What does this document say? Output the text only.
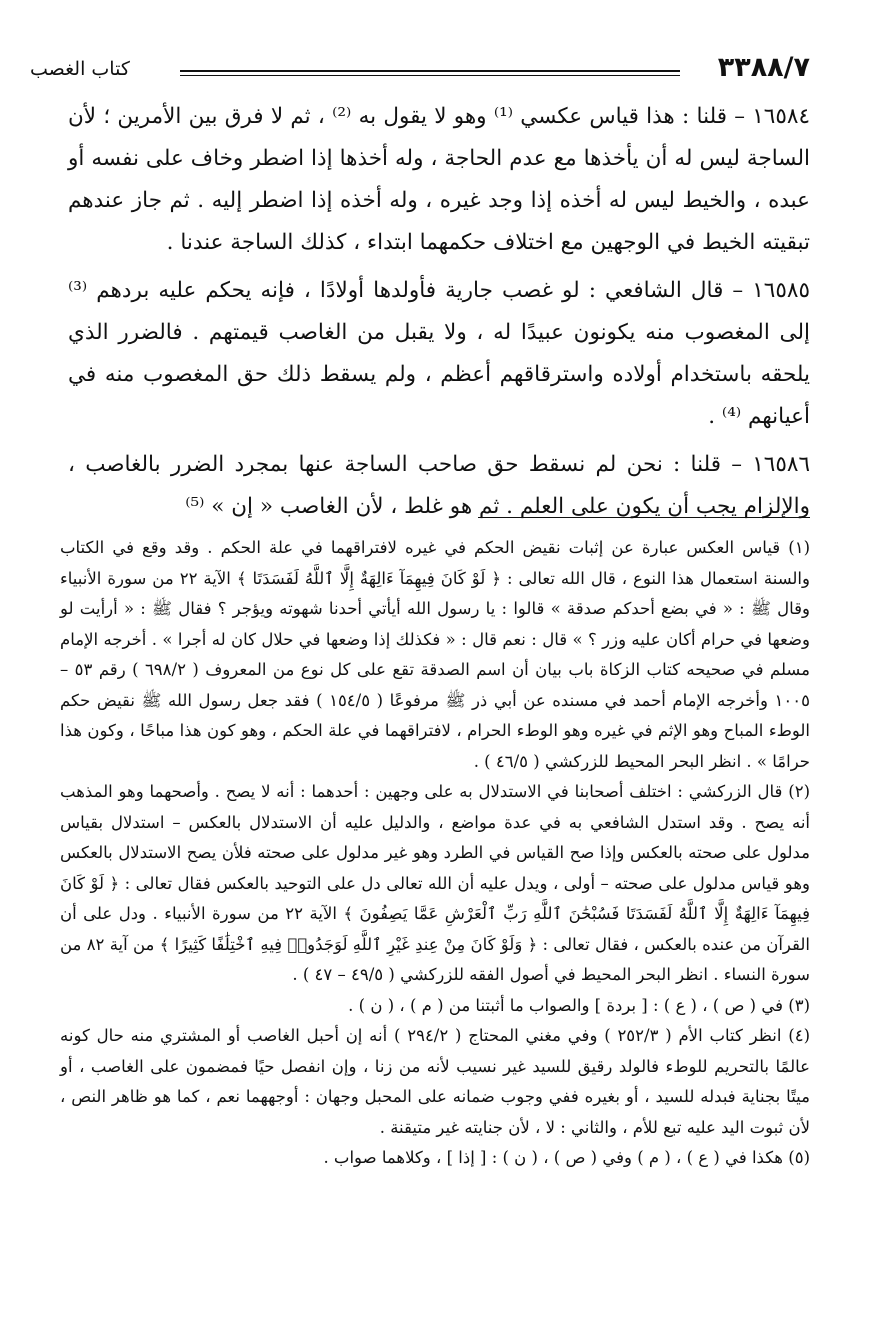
٣٣٨٨/٧
كتاب الغصب

١٦٥٨٤ – قلنا : هذا قياس عكسي ⁽¹⁾ وهو لا يقول به ⁽²⁾ ، ثم لا فرق بين الأمرين ؛ لأن الساجة ليس له أن يأخذها مع عدم الحاجة ، وله أخذها إذا اضطر وخاف على نفسه أو عبده ، والخيط ليس له أخذه إذا وجد غيره ، وله أخذه إذا اضطر إليه . ثم جاز عندهم تبقيته الخيط في الوجهين مع اختلاف حكمهما ابتداء ، كذلك الساجة عندنا .

١٦٥٨٥ – قال الشافعي : لو غصب جارية فأولدها أولادًا ، فإنه يحكم عليه بردهم ⁽³⁾ إلى المغصوب منه يكونون عبيدًا له ، ولا يقبل من الغاصب قيمتهم . فالضرر الذي يلحقه باستخدام أولاده واسترقاقهم أعظم ، ولم يسقط ذلك حق المغصوب منه في أعيانهم ⁽⁴⁾ .

١٦٥٨٦ – قلنا : نحن لم نسقط حق صاحب الساجة عنها بمجرد الضرر بالغاصب ، والإلزام يجب أن يكون على العلم . ثم هو غلط ، لأن الغاصب « إن » ⁽⁵⁾

(١) قياس العكس عبارة عن إثبات نقيض الحكم في غيره لافتراقهما في علة الحكم . وقد وقع في الكتاب والسنة استعمال هذا النوع ، قال الله تعالى : ﴿ لَوْ كَانَ فِيهِمَآ ءَالِهَةٌ إِلَّا ٱللَّهُ لَفَسَدَتَا ﴾ الآية ٢٢ من سورة الأنبياء وقال ﷺ : « في بضع أحدكم صدقة » قالوا : يا رسول الله أيأتي أحدنا شهوته ويؤجر ؟ فقال ﷺ : « أرأيت لو وضعها في حرام أكان عليه وزر ؟ » قال : نعم قال : « فكذلك إذا وضعها في حلال كان له أجرا » . أخرجه الإمام مسلم في صحيحه كتاب الزكاة باب بيان أن اسم الصدقة تقع على كل نوع من المعروف ( ٦٩٨/٢ ) رقم ٥٣ – ١٠٠٥ وأخرجه الإمام أحمد في مسنده عن أبي ذر ﷺ مرفوعًا ( ١٥٤/٥ ) فقد جعل رسول الله ﷺ نقيض حكم الوطء المباح وهو الإثم في غيره وهو الوطء الحرام ، لافتراقهما في علة الحكم ، وهو كون هذا مباحًا ، وكون هذا حرامًا » . انظر البحر المحيط للزركشي ( ٤٦/٥ ) .

(٢) قال الزركشي : اختلف أصحابنا في الاستدلال به على وجهين : أحدهما : أنه لا يصح . وأصحهما وهو المذهب أنه يصح . وقد استدل الشافعي به في عدة مواضع ، والدليل عليه أن الاستدلال بالعكس – استدلال بقياس مدلول على صحته بالعكس وإذا صح القياس في الطرد وهو غير مدلول على صحته فلأن يصح الاستدلال بالعكس وهو قياس مدلول على صحته – أولى ، ويدل عليه أن الله تعالى دل على التوحيد بالعكس فقال تعالى : ﴿ لَوْ كَانَ فِيهِمَآ ءَالِهَةٌ إِلَّا ٱللَّهُ لَفَسَدَتَا فَسُبْحَٰنَ ٱللَّهِ رَبِّ ٱلْعَرْشِ عَمَّا يَصِفُونَ ﴾ الآية ٢٢ من سورة الأنبياء . ودل على أن القرآن من عنده بالعكس ، فقال تعالى : ﴿ وَلَوْ كَانَ مِنْ عِندِ غَيْرِ ٱللَّهِ لَوَجَدُوا۟ فِيهِ ٱخْتِلَٰفًا كَثِيرًا ﴾ من آية ٨٢ من سورة النساء . انظر البحر المحيط في أصول الفقه للزركشي ( ٤٩/٥ – ٤٧ ) .

(٣) في ( ص ) ، ( ع ) : [ بردة ] والصواب ما أثبتنا من ( م ) ، ( ن ) .

(٤) انظر كتاب الأم ( ٢٥٢/٣ ) وفي مغني المحتاج ( ٢٩٤/٢ ) أنه إن أحبل الغاصب أو المشتري منه حال كونه عالمًا بالتحريم للوطء فالولد رقيق للسيد غير نسيب لأنه من زنا ، وإن انفصل حيًا فمضمون على الغاصب ، أو ميتًا بجناية فبدله للسيد ، أو بغيره ففي وجوب ضمانه على المحبل وجهان : أوجههما نعم ، كما هو ظاهر النص ، لأن ثبوت اليد عليه تبع للأم ، والثاني : لا ، لأن جنايته غير متيقنة .

(٥) هكذا في ( ع ) ، ( م ) وفي ( ص ) ، ( ن ) : [ إذا ] ، وكلاهما صواب .
